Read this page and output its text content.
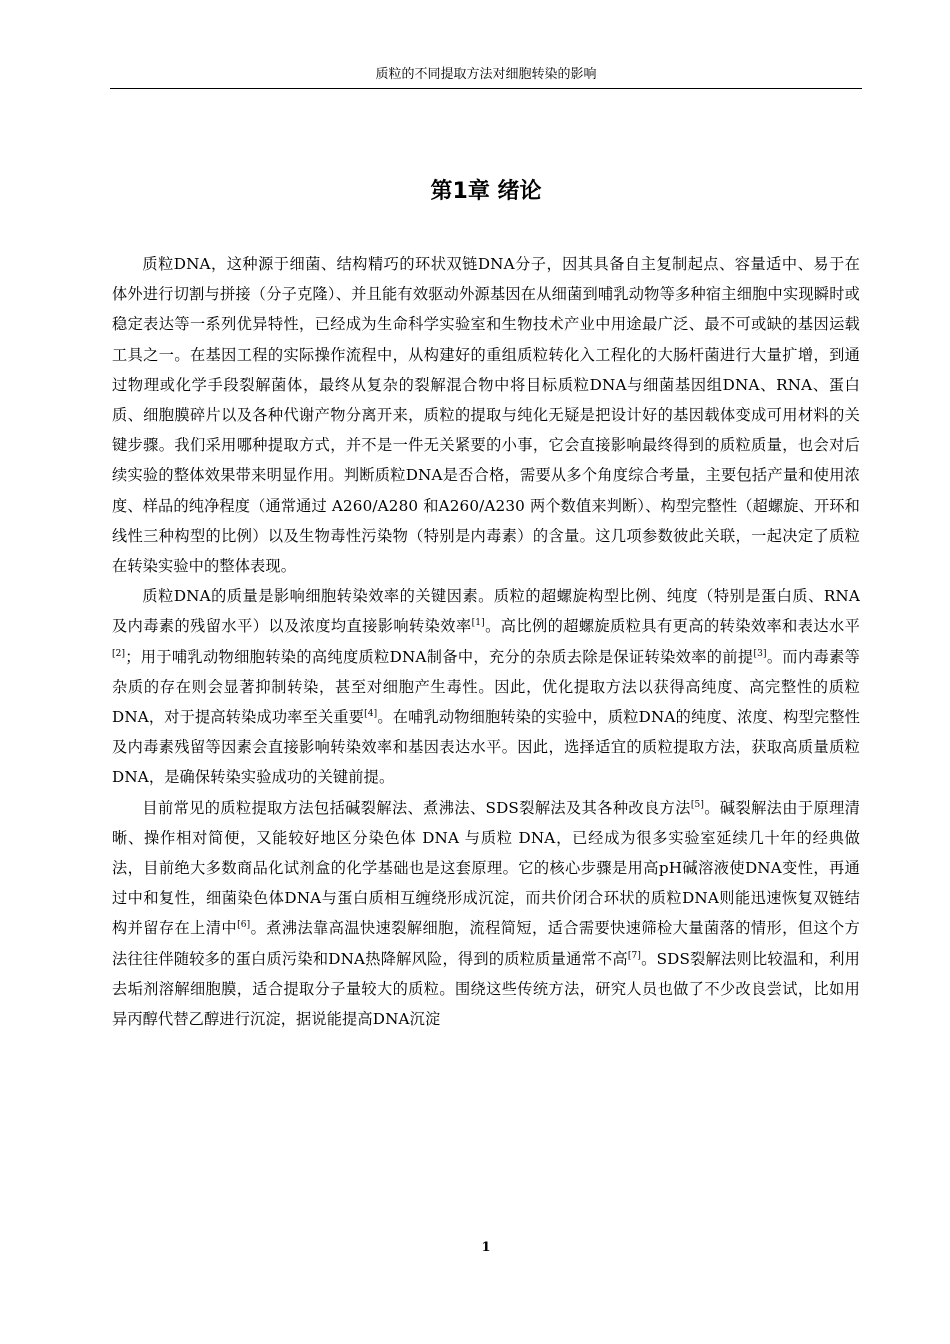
质粒的不同提取方法对细胞转染的影响
第1章 绪论

质粒DNA，这种源于细菌、结构精巧的环状双链DNA分子，因其具备自主复制起点、容量适中、易于在体外进行切割与拼接（分子克隆）、并且能有效驱动外源基因在从细菌到哺乳动物等多种宿主细胞中实现瞬时或稳定表达等一系列优异特性，已经成为生命科学实验室和生物技术产业中用途最广泛、最不可或缺的基因运载工具之一。在基因工程的实际操作流程中，从构建好的重组质粒转化入工程化的大肠杆菌进行大量扩增，到通过物理或化学手段裂解菌体，最终从复杂的裂解混合物中将目标质粒DNA与细菌基因组DNA、RNA、蛋白质、细胞膜碎片以及各种代谢产物分离开来，质粒的提取与纯化无疑是把设计好的基因载体变成可用材料的关键步骤。我们采用哪种提取方式，并不是一件无关紧要的小事，它会直接影响最终得到的质粒质量，也会对后续实验的整体效果带来明显作用。判断质粒DNA是否合格，需要从多个角度综合考量，主要包括产量和使用浓度、样品的纯净程度（通常通过 A260/A280 和A260/A230 两个数值来判断）、构型完整性（超螺旋、开环和线性三种构型的比例）以及生物毒性污染物（特别是内毒素）的含量。这几项参数彼此关联，一起决定了质粒在转染实验中的整体表现。

质粒DNA的质量是影响细胞转染效率的关键因素。质粒的超螺旋构型比例、纯度（特别是蛋白质、RNA 及内毒素的残留水平）以及浓度均直接影响转染效率[1]。高比例的超螺旋质粒具有更高的转染效率和表达水平[2]；用于哺乳动物细胞转染的高纯度质粒DNA制备中，充分的杂质去除是保证转染效率的前提[3]。而内毒素等杂质的存在则会显著抑制转染，甚至对细胞产生毒性。因此，优化提取方法以获得高纯度、高完整性的质粒 DNA，对于提高转染成功率至关重要[4]。在哺乳动物细胞转染的实验中，质粒DNA的纯度、浓度、构型完整性及内毒素残留等因素会直接影响转染效率和基因表达水平。因此，选择适宜的质粒提取方法，获取高质量质粒DNA，是确保转染实验成功的关键前提。

目前常见的质粒提取方法包括碱裂解法、煮沸法、SDS裂解法及其各种改良方法[5]。碱裂解法由于原理清晰、操作相对简便，又能较好地区分染色体 DNA 与质粒 DNA，已经成为很多实验室延续几十年的经典做法，目前绝大多数商品化试剂盒的化学基础也是这套原理。它的核心步骤是用高pH碱溶液使DNA变性，再通过中和复性，细菌染色体DNA与蛋白质相互缠绕形成沉淀，而共价闭合环状的质粒DNA则能迅速恢复双链结构并留存在上清中[6]。煮沸法靠高温快速裂解细胞，流程简短，适合需要快速筛检大量菌落的情形，但这个方法往往伴随较多的蛋白质污染和DNA热降解风险，得到的质粒质量通常不高[7]。SDS裂解法则比较温和，利用去垢剂溶解细胞膜，适合提取分子量较大的质粒。围绕这些传统方法，研究人员也做了不少改良尝试，比如用异丙醇代替乙醇进行沉淀，据说能提高DNA沉淀

1
